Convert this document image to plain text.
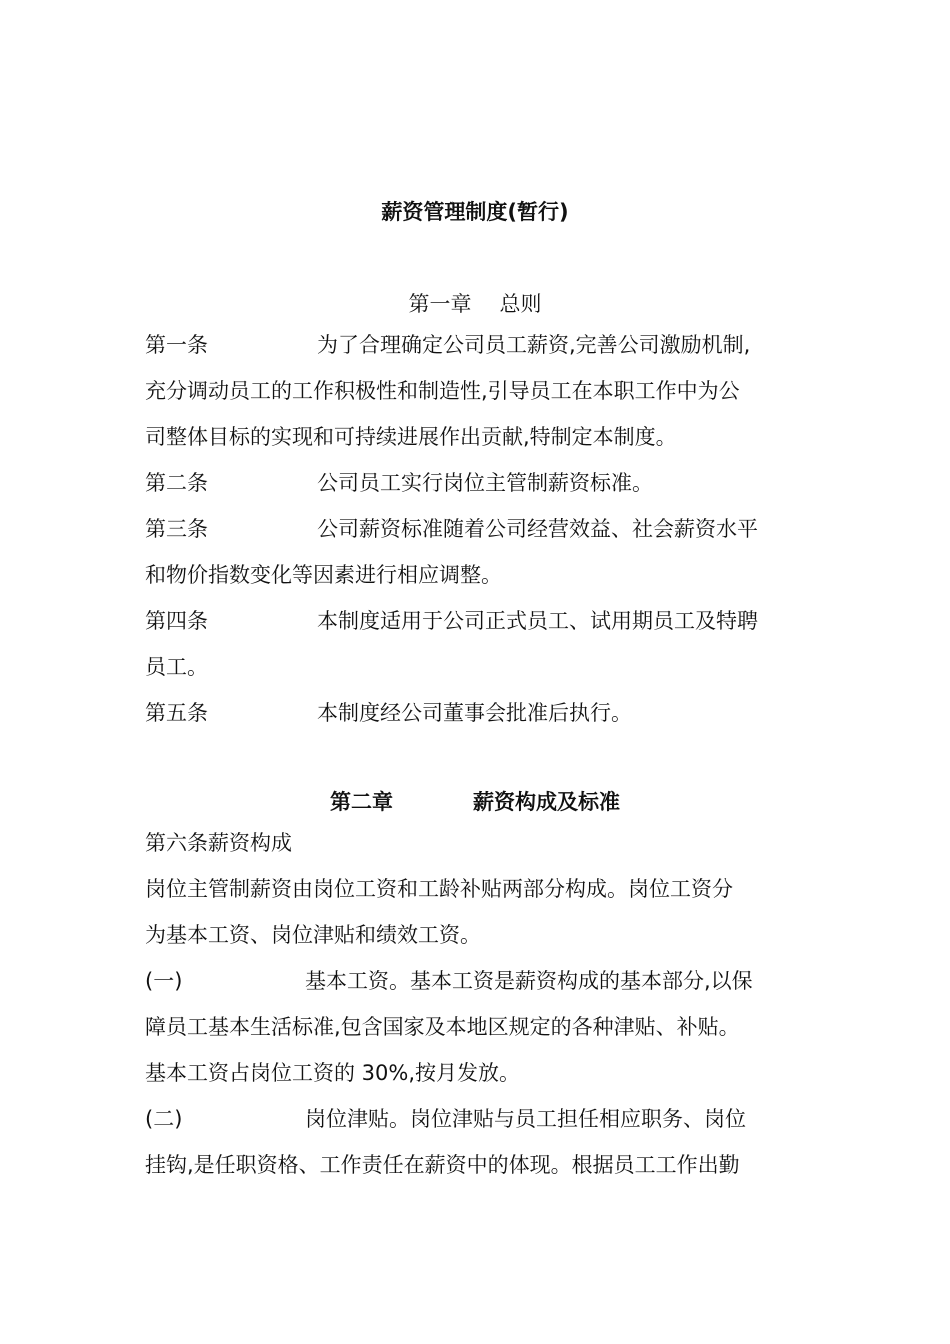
薪资管理制度(暂行)
第一章 总则
第一条	为了合理确定公司员工薪资,完善公司激励机制,
充分调动员工的工作积极性和制造性,引导员工在本职工作中为公
司整体目标的实现和可持续进展作出贡献,特制定本制度。
第二条	公司员工实行岗位主管制薪资标准。
第三条	公司薪资标准随着公司经营效益、社会薪资水平
和物价指数变化等因素进行相应调整。
第四条	本制度适用于公司正式员工、试用期员工及特聘
员工。
第五条	本制度经公司董事会批准后执行。
第二章	薪资构成及标准
第六条薪资构成
岗位主管制薪资由岗位工资和工龄补贴两部分构成。岗位工资分
为基本工资、岗位津贴和绩效工资。
(一)	基本工资。基本工资是薪资构成的基本部分,以保
障员工基本生活标准,包含国家及本地区规定的各种津贴、补贴。
基本工资占岗位工资的 30%,按月发放。
(二)	岗位津贴。岗位津贴与员工担任相应职务、岗位
挂钩,是任职资格、工作责任在薪资中的体现。根据员工工作出勤
